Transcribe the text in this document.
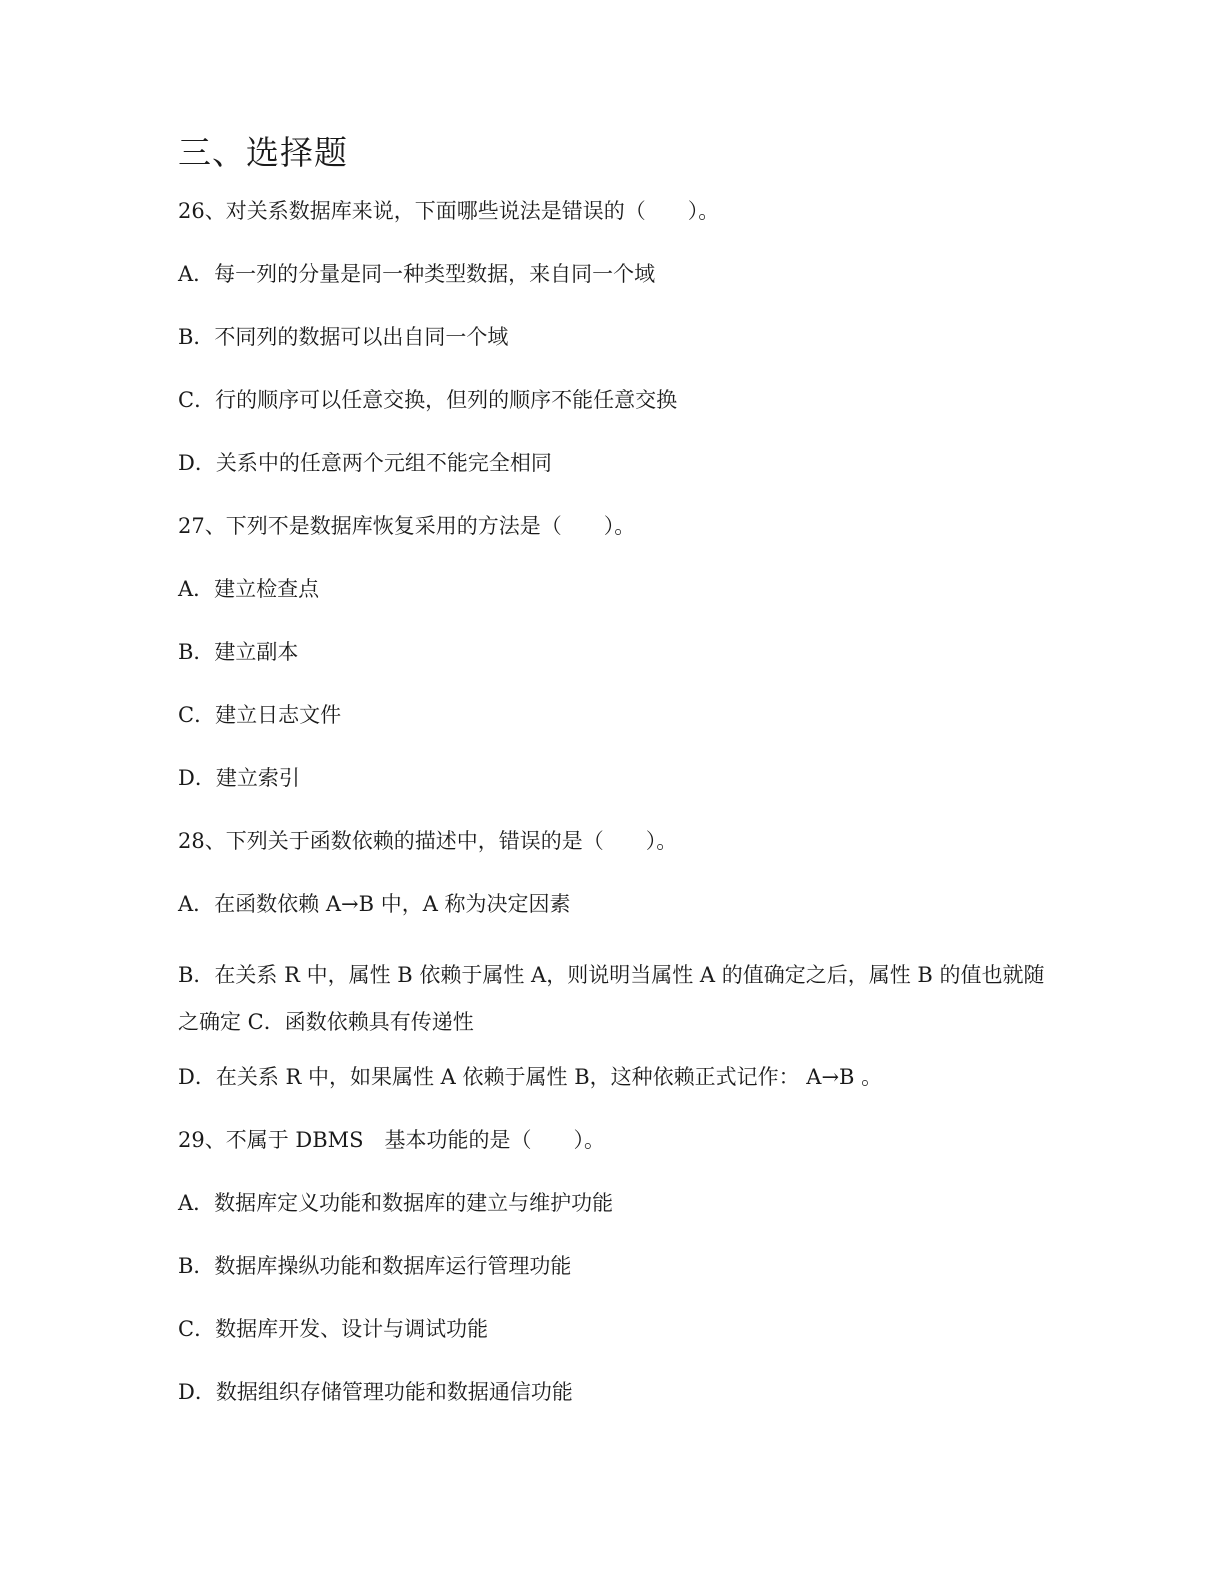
三、选择题

26、对关系数据库来说，下面哪些说法是错误的（　　）。

A．每一列的分量是同一种类型数据，来自同一个域

B．不同列的数据可以出自同一个域

C．行的顺序可以任意交换，但列的顺序不能任意交换

D．关系中的任意两个元组不能完全相同

27、下列不是数据库恢复采用的方法是（　　）。

A．建立检查点

B．建立副本

C．建立日志文件

D．建立索引

28、下列关于函数依赖的描述中，错误的是（　　）。

A．在函数依赖 A→B 中，A 称为决定因素

B．在关系 R 中，属性 B 依赖于属性 A，则说明当属性 A 的值确定之后，属性 B 的值也就随之确定 C．函数依赖具有传递性

D．在关系 R 中，如果属性 A 依赖于属性 B，这种依赖正式记作： A→B 。

29、不属于 DBMS　基本功能的是（　　）。

A．数据库定义功能和数据库的建立与维护功能

B．数据库操纵功能和数据库运行管理功能

C．数据库开发、设计与调试功能

D．数据组织存储管理功能和数据通信功能
